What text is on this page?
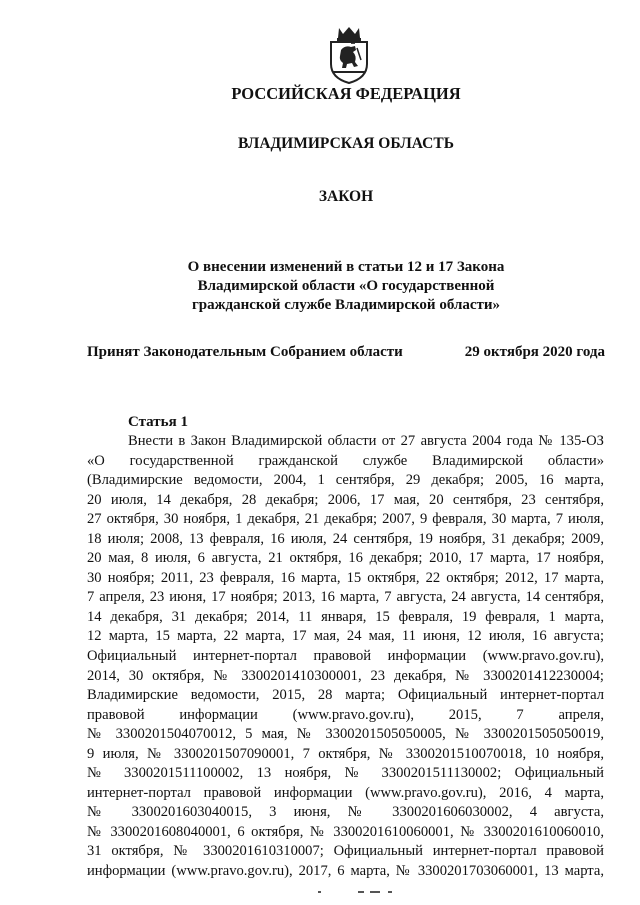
РОССИЙСКАЯ ФЕДЕРАЦИЯ
ВЛАДИМИРСКАЯ ОБЛАСТЬ
ЗАКОН
О внесении изменений в статьи 12 и 17 Закона
Владимирской области «О государственной
гражданской службе Владимирской области»
Принят Законодательным Собранием области	29 октября 2020 года
Статья 1
Внести в Закон Владимирской области от 27 августа 2004 года № 135-ОЗ
«О государственной гражданской службе Владимирской области»
(Владимирские ведомости, 2004, 1 сентября, 29 декабря; 2005, 16 марта,
20 июля, 14 декабря, 28 декабря; 2006, 17 мая, 20 сентября, 23 сентября,
27 октября, 30 ноября, 1 декабря, 21 декабря; 2007, 9 февраля, 30 марта, 7 июля,
18 июля; 2008, 13 февраля, 16 июля, 24 сентября, 19 ноября, 31 декабря; 2009,
20 мая, 8 июля, 6 августа, 21 октября, 16 декабря; 2010, 17 марта, 17 ноября,
30 ноября; 2011, 23 февраля, 16 марта, 15 октября, 22 октября; 2012, 17 марта,
7 апреля, 23 июня, 17 ноября; 2013, 16 марта, 7 августа, 24 августа, 14 сентября,
14 декабря, 31 декабря; 2014, 11 января, 15 февраля, 19 февраля, 1 марта,
12 марта, 15 марта, 22 марта, 17 мая, 24 мая, 11 июня, 12 июля, 16 августа;
Официальный интернет-портал правовой информации (www.pravo.gov.ru),
2014, 30 октября, № 3300201410300001, 23 декабря, № 3300201412230004;
Владимирские ведомости, 2015, 28 марта; Официальный интернет-портал
правовой информации (www.pravo.gov.ru), 2015, 7 апреля,
№ 3300201504070012, 5 мая, № 3300201505050005, № 3300201505050019,
9 июля, № 3300201507090001, 7 октября, № 3300201510070018, 10 ноября,
№ 3300201511100002, 13 ноября, № 3300201511130002; Официальный
интернет-портал правовой информации (www.pravo.gov.ru), 2016, 4 марта,
№ 3300201603040015, 3 июня, № 3300201606030002, 4 августа,
№ 3300201608040001, 6 октября, № 3300201610060001, № 3300201610060010,
31 октября, № 3300201610310007; Официальный интернет-портал правовой
информации (www.pravo.gov.ru), 2017, 6 марта, № 3300201703060001, 13 марта,
